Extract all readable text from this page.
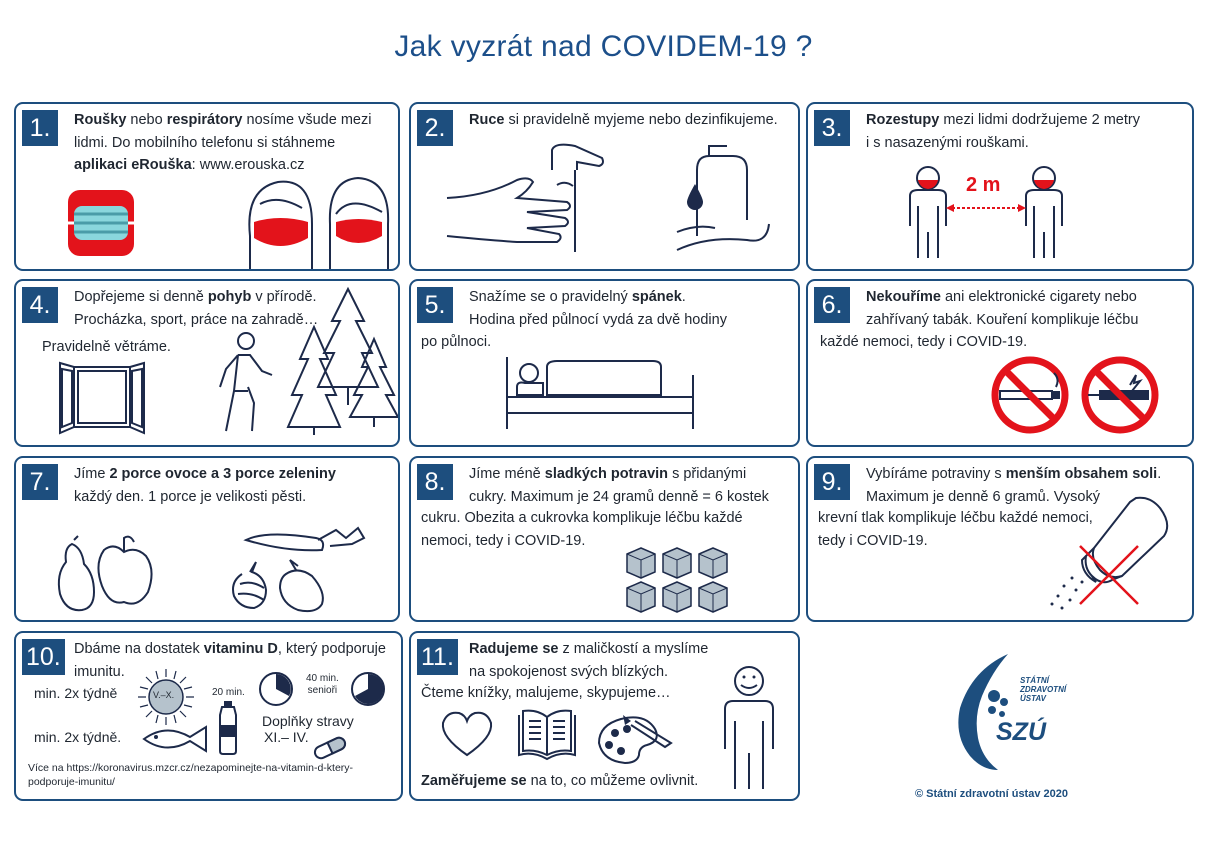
Jak vyzrát nad COVIDEM-19 ?
1.	Roušky nebo respirátory nosíme všude mezi
lidmi. Do mobilního telefonu si stáhneme
aplikaci eRouška: www.erouska.cz
2.	Ruce si pravidelně myjeme nebo dezinfikujeme.	3.	Rozestupy mezi lidmi dodržujeme 2 metry
i s nasazenými rouškami.
2 m
4.	Dopřejeme si denně pohyb v přírodě.
Procházka, sport, práce na zahradě…
Pravidelně větráme.
5.	Snažíme se o pravidelný spánek.
Hodina před půlnocí vydá za dvě hodiny
po půlnoci.
6.	Nekouříme ani elektronické cigarety nebo
zahřívaný tabák. Kouření komplikuje léčbu
každé nemoci, tedy i COVID-19.
7.	Jíme 2 porce ovoce a 3 porce zeleniny
každý den. 1 porce je velikosti pěsti.
8.	Jíme méně sladkých potravin s přidanými
cukry. Maximum je 24 gramů denně = 6 kostek
cukru. Obezita a cukrovka komplikuje léčbu každé
nemoci, tedy i COVID-19.
9.	Vybíráme potraviny s menším obsahem soli.
Maximum je denně 6 gramů. Vysoký
krevní tlak komplikuje léčbu každé nemoci,
tedy i COVID-19.
10. Dbáme na dostatek vitaminu D, který podporuje
imunitu.
min. 2x týdně	V.–X.	20 min.
40 min.
senioři
min. 2x týdně.
Doplňky stravy
XI.– IV.
Více na https://koronavirus.mzcr.cz/nezapominejte-na-vitamin-d-ktery-
podporuje-imunitu/
11. Radujeme se z maličkostí a myslíme
na spokojenost svých blízkých.
Čteme knížky, malujeme, skypujeme…
Zaměřujeme se na to, co můžeme ovlivnit.
STÁTNÍ
ZDRAVOTNÍ
ÚSTAV
SZÚ
© Státní zdravotní ústav 2020
